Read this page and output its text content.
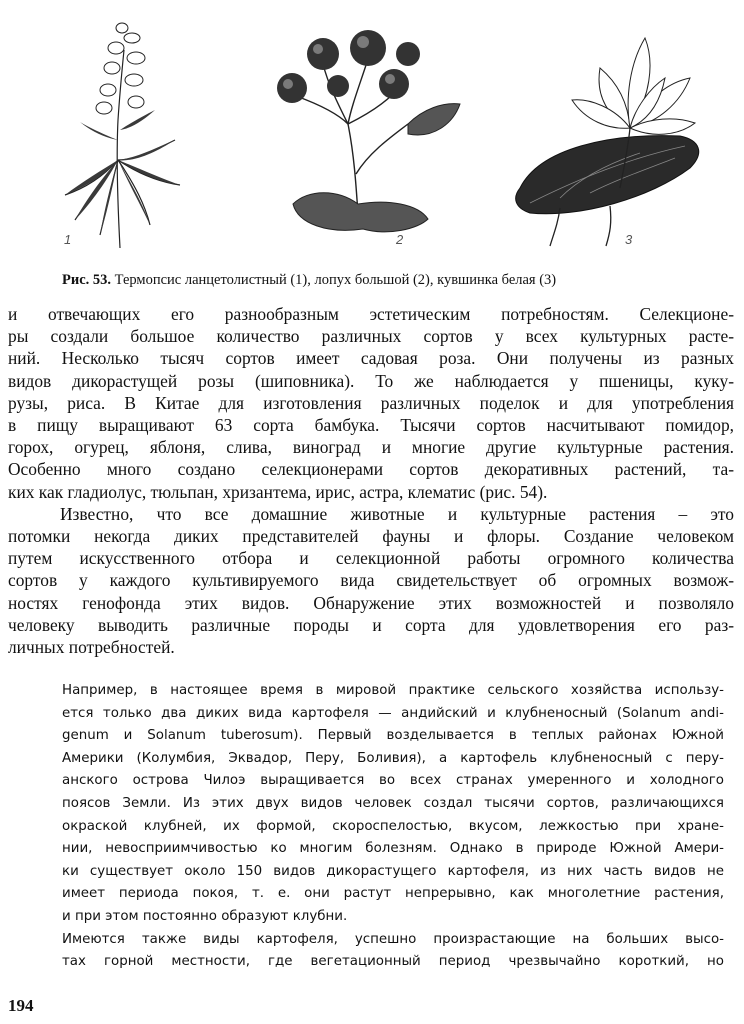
1	2	3
Рис. 53. Термопсис ланцетолистный (1), лопух большой (2), кувшинка белая (3)

и отвечающих его разнообразным эстетическим потребностям. Селекционе-
ры создали большое количество различных сортов у всех культурных расте-
ний. Несколько тысяч сортов имеет садовая роза. Они получены из разных
видов дикорастущей розы (шиповника). То же наблюдается у пшеницы, куку-
рузы, риса. В Китае для изготовления различных поделок и для употребления
в пищу выращивают 63 сорта бамбука. Тысячи сортов насчитывают помидор,
горох, огурец, яблоня, слива, виноград и многие другие культурные растения.
Особенно много создано селекционерами сортов декоративных растений, та-
ких как гладиолус, тюльпан, хризантема, ирис, астра, клематис (рис. 54).

Известно, что все домашние животные и культурные растения – это
потомки некогда диких представителей фауны и флоры. Создание человеком
путем искусственного отбора и селекционной работы огромного количества
сортов у каждого культивируемого вида свидетельствует об огромных возмож-
ностях генофонда этих видов. Обнаружение этих возможностей и позволяло
человеку выводить различные породы и сорта для удовлетворения его раз-
личных потребностей.

Например, в настоящее время в мировой практике сельского хозяйства использу-
ется только два диких вида картофеля — андийский и клубненосный (Solanum andi-
genum и Solanum tuberosum). Первый возделывается в теплых районах Южной
Америки (Колумбия, Эквадор, Перу, Боливия), а картофель клубненосный с перу-
анского острова Чилоэ выращивается во всех странах умеренного и холодного
поясов Земли. Из этих двух видов человек создал тысячи сортов, различающихся
окраской клубней, их формой, скороспелостью, вкусом, лежкостью при хране-
нии, невосприимчивостью ко многим болезням. Однако в природе Южной Амери-
ки существует около 150 видов дикорастущего картофеля, из них часть видов не
имеет периода покоя, т. е. они растут непрерывно, как многолетние растения,
и при этом постоянно образуют клубни.
Имеются также виды картофеля, успешно произрастающие на больших высо-
тах горной местности, где вегетационный период чрезвычайно короткий, но
194
